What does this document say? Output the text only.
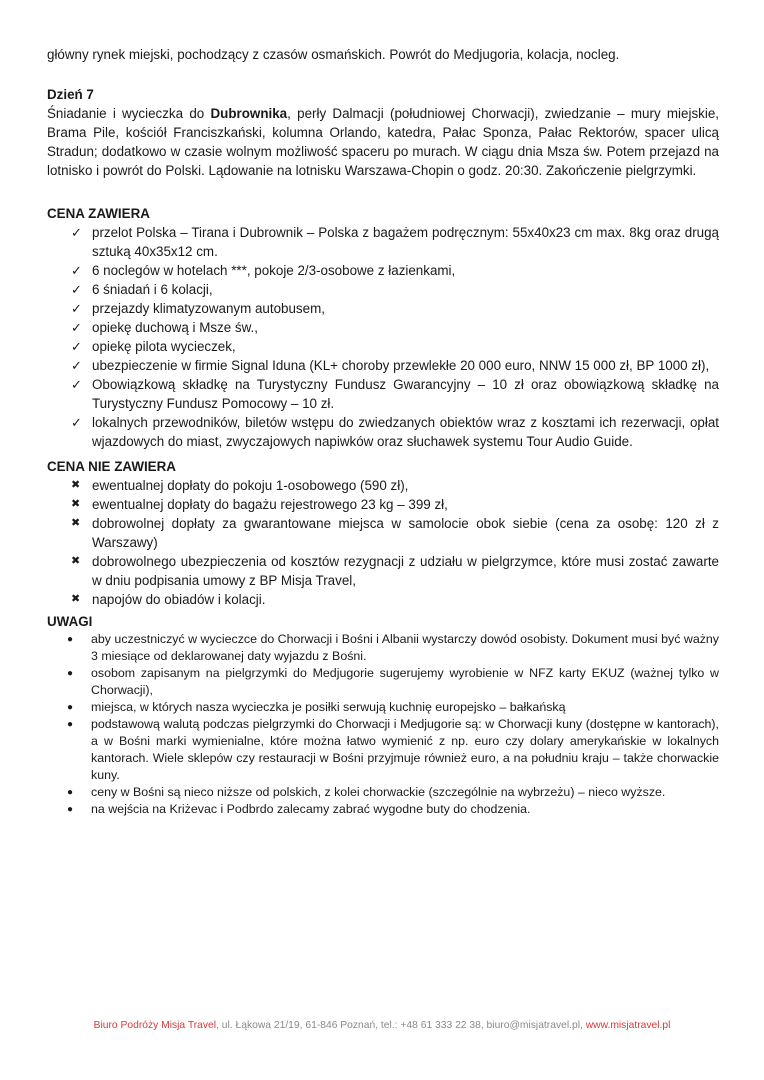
główny rynek miejski, pochodzący z czasów osmańskich. Powrót do Medjugoria, kolacja, nocleg.

Dzień 7

Śniadanie i wycieczka do Dubrownika, perły Dalmacji (południowej Chorwacji), zwiedzanie – mury miejskie, Brama Pile, kościół Franciszkański, kolumna Orlando, katedra, Pałac Sponza, Pałac Rektorów, spacer ulicą Stradun; dodatkowo w czasie wolnym możliwość spaceru po murach. W ciągu dnia Msza św. Potem przejazd na lotnisko i powrót do Polski. Lądowanie na lotnisku Warszawa-Chopin o godz. 20:30. Zakończenie pielgrzymki.

CENA ZAWIERA

✓ przelot Polska – Tirana i Dubrownik – Polska z bagażem podręcznym: 55x40x23 cm max. 8kg oraz drugą sztuką 40x35x12 cm.
✓ 6 noclegów w hotelach ***, pokoje 2/3-osobowe z łazienkami,
✓ 6 śniadań i 6 kolacji,
✓ przejazdy klimatyzowanym autobusem,
✓ opiekę duchową i Msze św.,
✓ opiekę pilota wycieczek,
✓ ubezpieczenie w firmie Signal Iduna (KL+ choroby przewlekłe 20 000 euro, NNW 15 000 zł, BP 1000 zł),
✓ Obowiązkową składkę na Turystyczny Fundusz Gwarancyjny – 10 zł oraz obowiązkową składkę na Turystyczny Fundusz Pomocowy – 10 zł.
✓ lokalnych przewodników, biletów wstępu do zwiedzanych obiektów wraz z kosztami ich rezerwacji, opłat wjazdowych do miast, zwyczajowych napiwków oraz słuchawek systemu Tour Audio Guide.

CENA NIE ZAWIERA

✖ ewentualnej dopłaty do pokoju 1-osobowego (590 zł),
✖ ewentualnej dopłaty do bagażu rejestrowego 23 kg – 399 zł,
✖ dobrowolnej dopłaty za gwarantowane miejsca w samolocie obok siebie (cena za osobę: 120 zł z Warszawy)
✖ dobrowolnego ubezpieczenia od kosztów rezygnacji z udziału w pielgrzymce, które musi zostać zawarte w dniu podpisania umowy z BP Misja Travel,
✖ napojów do obiadów i kolacji.

UWAGI

● aby uczestniczyć w wycieczce do Chorwacji i Bośni i Albanii wystarczy dowód osobisty. Dokument musi być ważny 3 miesiące od deklarowanej daty wyjazdu z Bośni.
● osobom zapisanym na pielgrzymki do Medjugorie sugerujemy wyrobienie w NFZ karty EKUZ (ważnej tylko w Chorwacji),
● miejsca, w których nasza wycieczka je posiłki serwują kuchnię europejsko – bałkańską
● podstawową walutą podczas pielgrzymki do Chorwacji i Medjugorie są: w Chorwacji kuny (dostępne w kantorach), a w Bośni marki wymienialne, które można łatwo wymienić z np. euro czy dolary amerykańskie w lokalnych kantorach. Wiele sklepów czy restauracji w Bośni przyjmuje również euro, a na południu kraju – także chorwackie kuny.
● ceny w Bośni są nieco niższe od polskich, z kolei chorwackie (szczególnie na wybrzeżu) – nieco wyższe.
● na wejścia na Kriżevac i Podbrdo zalecamy zabrać wygodne buty do chodzenia.
Biuro Podróży Misja Travel, ul. Łąkowa 21/19, 61-846 Poznań, tel.: +48 61 333 22 38, biuro@misjatravel.pl, www.misjatravel.pl
